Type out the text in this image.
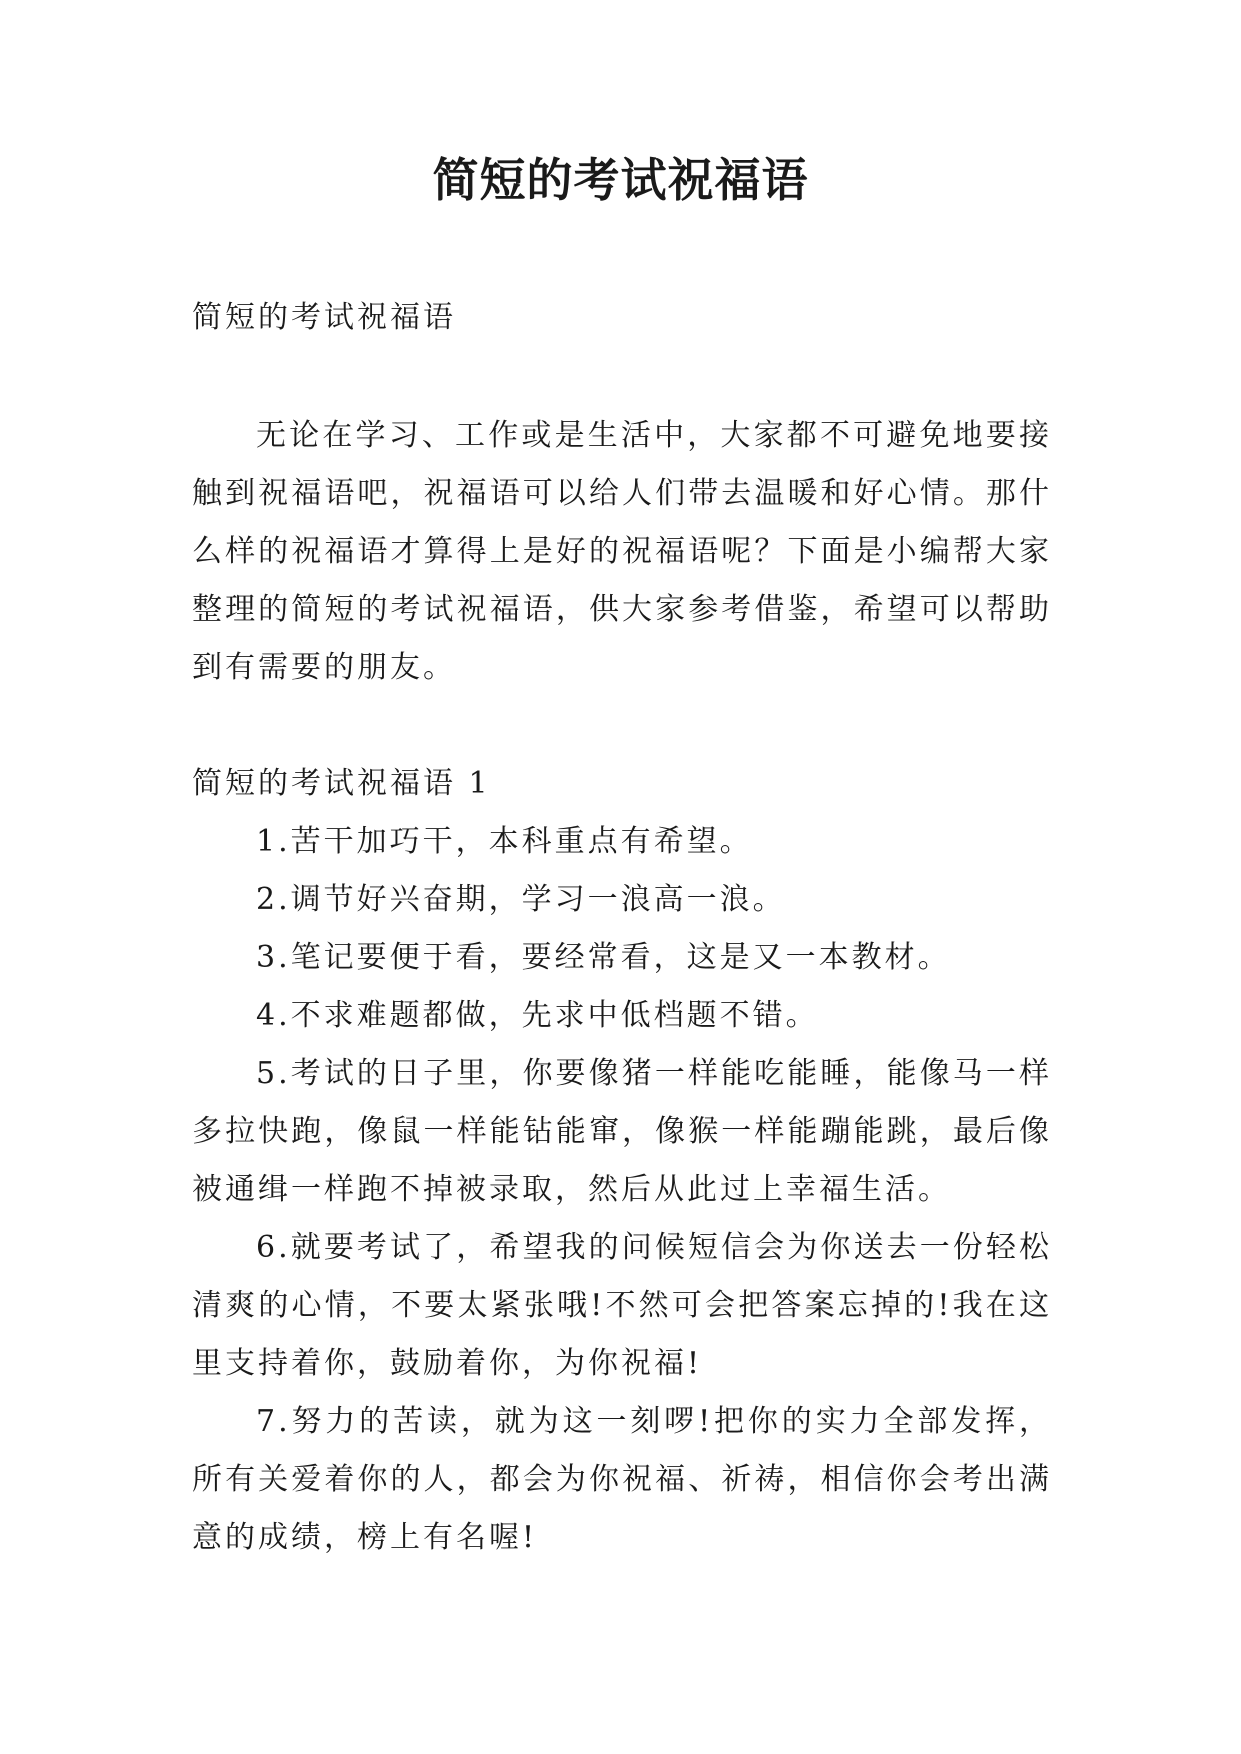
简短的考试祝福语

简短的考试祝福语

无论在学习、工作或是生活中，大家都不可避免地要接触到祝福语吧，祝福语可以给人们带去温暖和好心情。那什么样的祝福语才算得上是好的祝福语呢？下面是小编帮大家整理的简短的考试祝福语，供大家参考借鉴，希望可以帮助到有需要的朋友。

简短的考试祝福语 1

1.苦干加巧干，本科重点有希望。

2.调节好兴奋期，学习一浪高一浪。

3.笔记要便于看，要经常看，这是又一本教材。

4.不求难题都做，先求中低档题不错。

5.考试的日子里，你要像猪一样能吃能睡，能像马一样多拉快跑，像鼠一样能钻能窜，像猴一样能蹦能跳，最后像被通缉一样跑不掉被录取，然后从此过上幸福生活。

6.就要考试了，希望我的问候短信会为你送去一份轻松清爽的心情，不要太紧张哦!不然可会把答案忘掉的!我在这里支持着你，鼓励着你，为你祝福!

7.努力的苦读，就为这一刻啰!把你的实力全部发挥，所有关爱着你的人，都会为你祝福、祈祷，相信你会考出满意的成绩，榜上有名喔!
